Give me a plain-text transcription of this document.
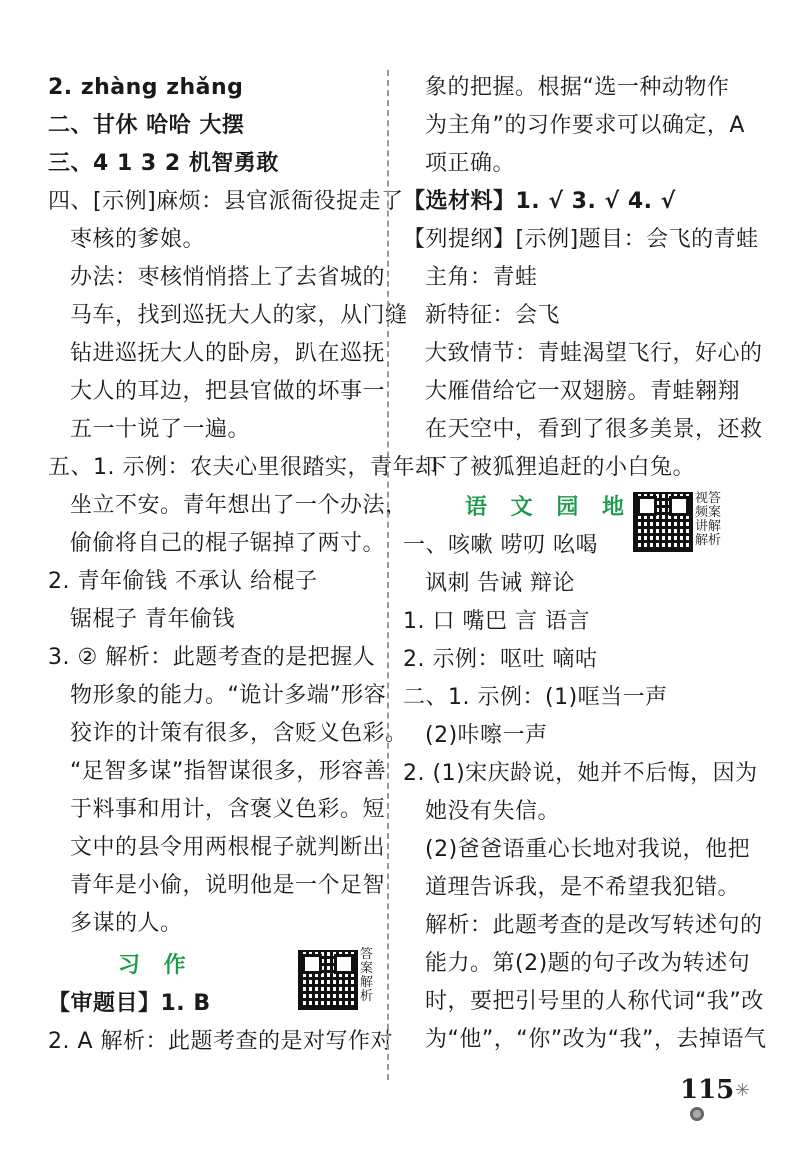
2. zhàng zhǎng
二、甘休 哈哈 大摆
三、4 1 3 2 机智勇敢
四、[示例]麻烦：县官派衙役捉走了
枣核的爹娘。
办法：枣核悄悄搭上了去省城的
马车，找到巡抚大人的家，从门缝
钻进巡抚大人的卧房，趴在巡抚
大人的耳边，把县官做的坏事一
五一十说了一遍。
五、1. 示例：农夫心里很踏实，青年却
坐立不安。青年想出了一个办法，
偷偷将自己的棍子锯掉了两寸。
2. 青年偷钱 不承认 给棍子
锯棍子 青年偷钱
3. ② 解析：此题考查的是把握人
物形象的能力。“诡计多端”形容
狡诈的计策有很多，含贬义色彩。
“足智多谋”指智谋很多，形容善
于料事和用计，含褒义色彩。短
文中的县令用两根棍子就判断出
青年是小偷，说明他是一个足智
多谋的人。
习 作
【审题目】1. B
2. A 解析：此题考查的是对写作对
答案解析
象的把握。根据“选一种动物作
为主角”的习作要求可以确定，A
项正确。
【选材料】1. √ 3. √ 4. √
【列提纲】[示例]题目：会飞的青蛙
主角：青蛙
新特征：会飞
大致情节：青蛙渴望飞行，好心的
大雁借给它一双翅膀。青蛙翱翔
在天空中，看到了很多美景，还救
下了被狐狸追赶的小白兔。
语 文 园 地
一、咳嗽 唠叨 吆喝
讽刺 告诫 辩论
1. 口 嘴巴 言 语言
2. 示例：呕吐 嘀咕
二、1. 示例：(1)哐当一声
(2)咔嚓一声
2. (1)宋庆龄说，她并不后悔，因为
她没有失信。
(2)爸爸语重心长地对我说，他把
道理告诉我，是不希望我犯错。
解析：此题考查的是改写转述句的
能力。第(2)题的句子改为转述句
时，要把引号里的人称代词“我”改
为“他”，“你”改为“我”，去掉语气
视答频案讲解解析
115 ✳
